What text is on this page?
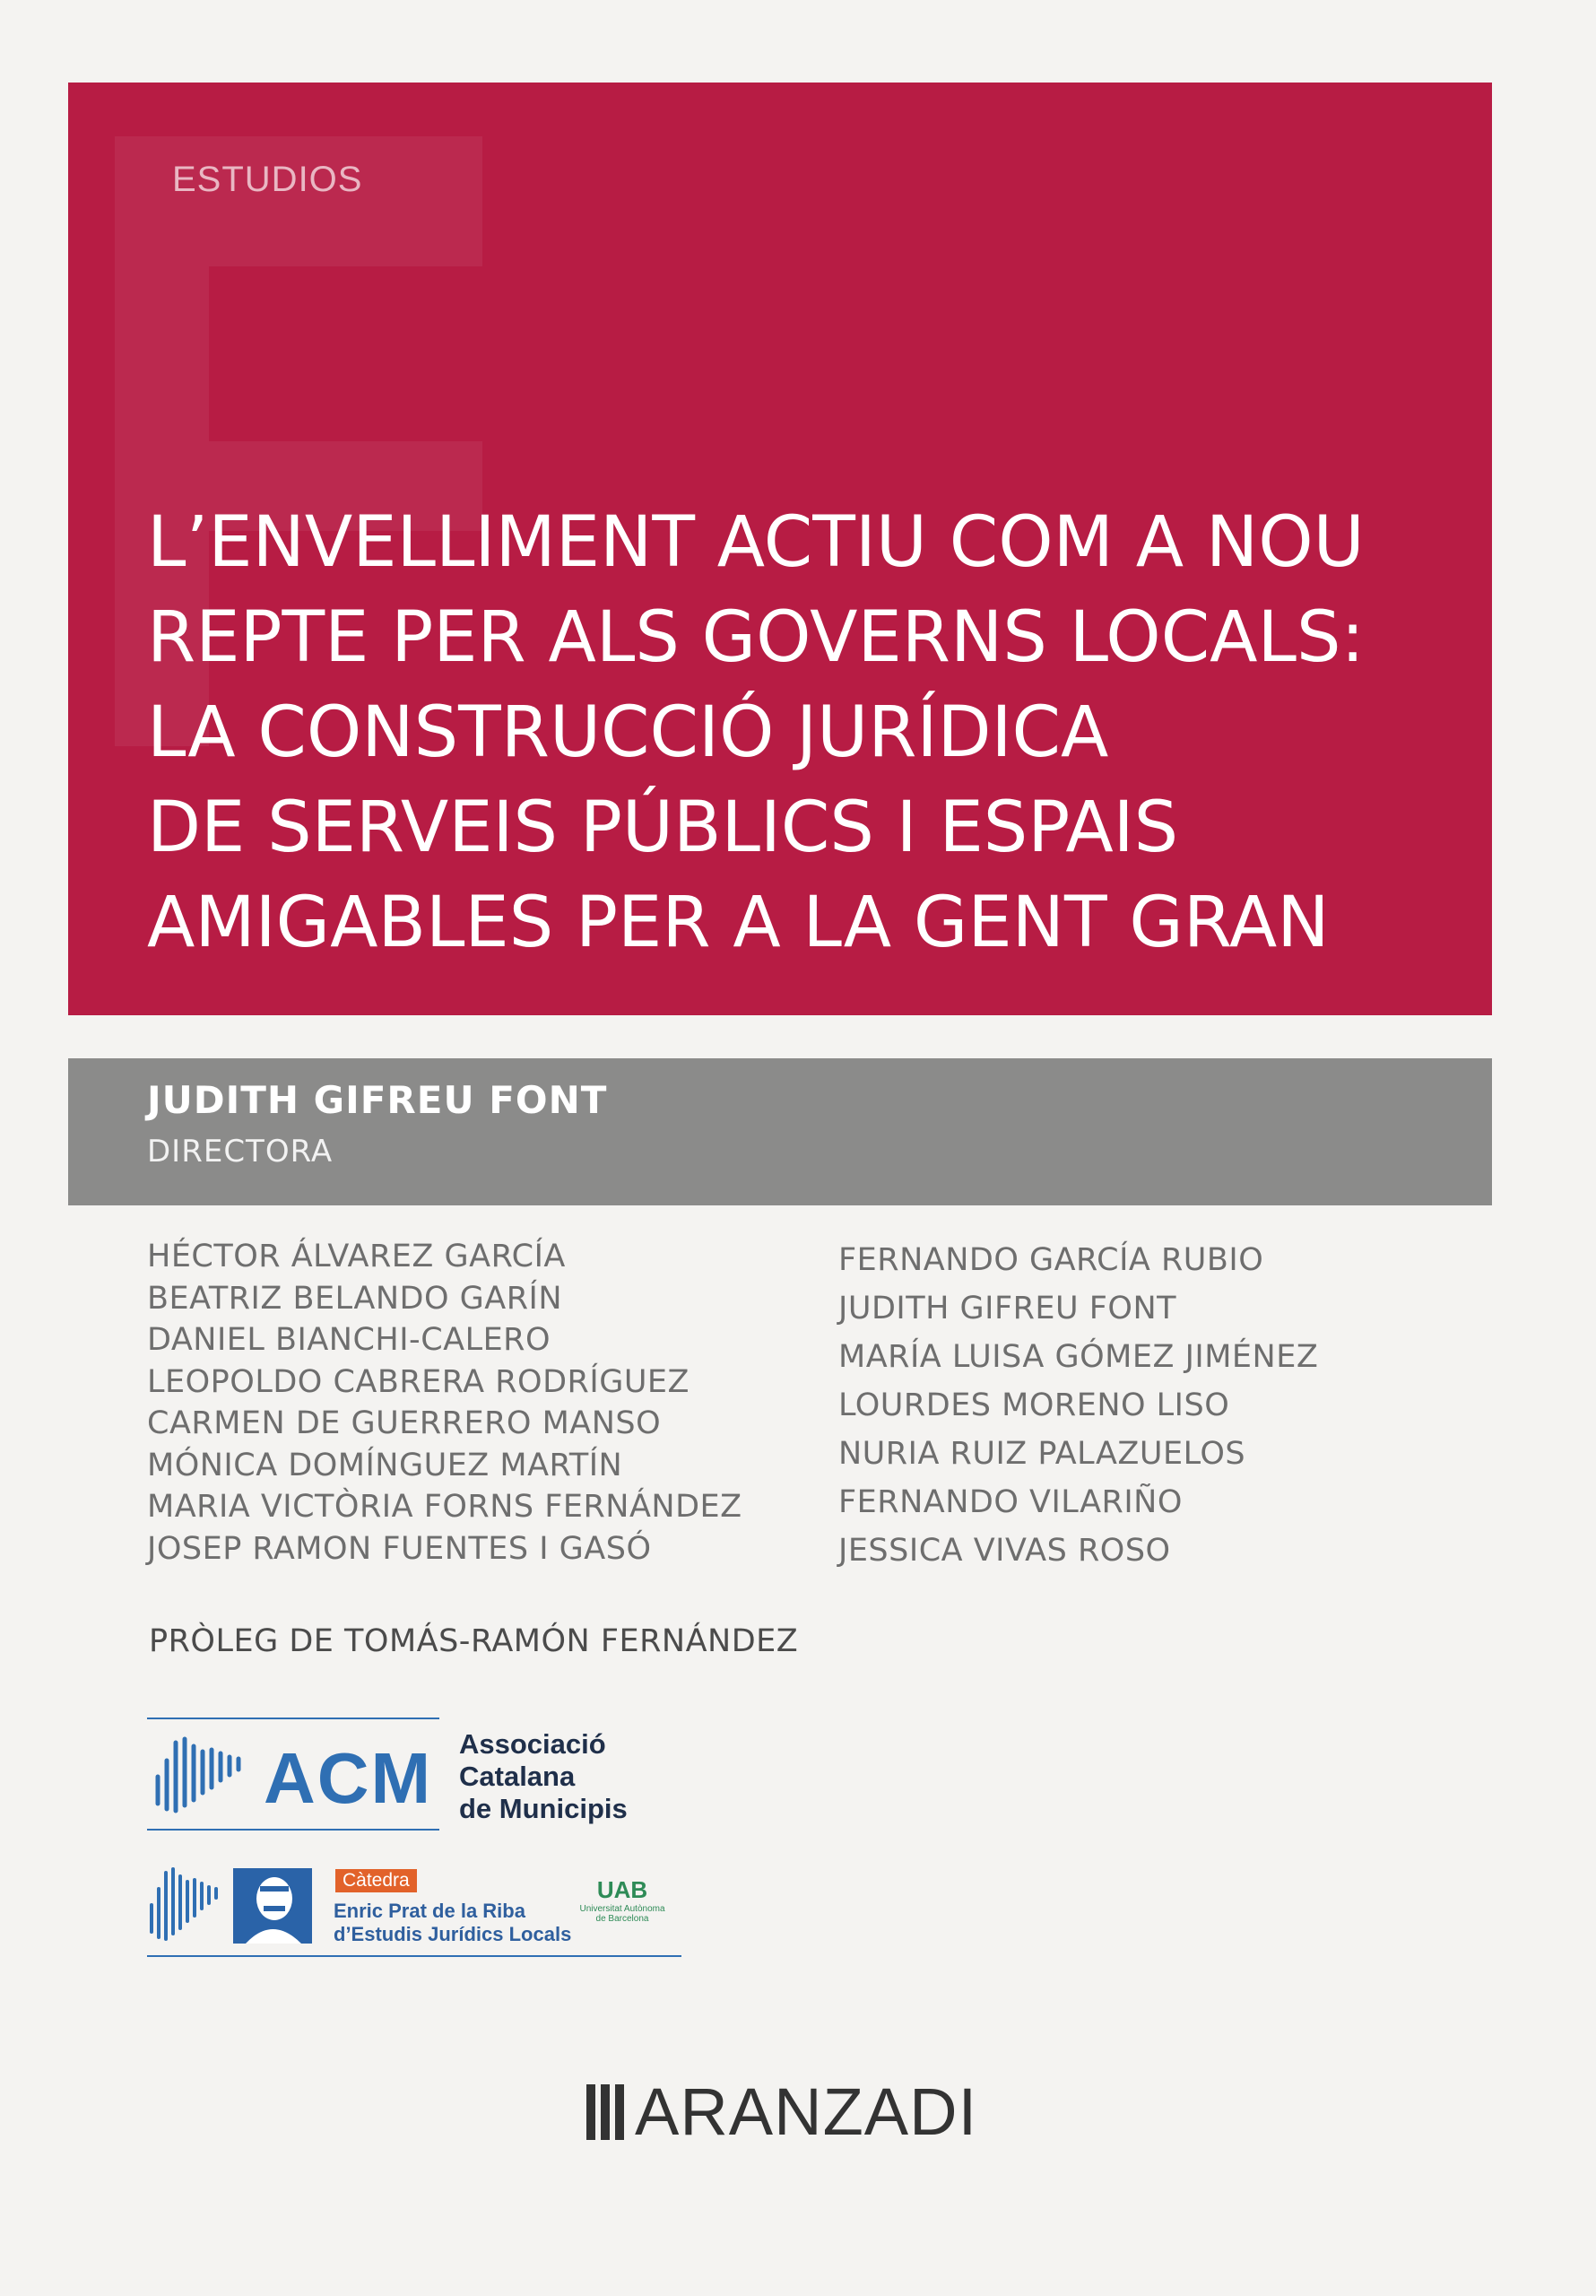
ESTUDIOS
L’ENVELLIMENT ACTIU COM A NOU
REPTE PER ALS GOVERNS LOCALS:
LA CONSTRUCCIÓ JURÍDICA
DE SERVEIS PÚBLICS I ESPAIS
AMIGABLES PER A LA GENT GRAN
JUDITH GIFREU FONT
DIRECTORA
HÉCTOR ÁLVAREZ GARCÍA
BEATRIZ BELANDO GARÍN
DANIEL BIANCHI-CALERO
LEOPOLDO CABRERA RODRÍGUEZ
CARMEN DE GUERRERO MANSO
MÓNICA DOMÍNGUEZ MARTÍN
MARIA VICTÒRIA FORNS FERNÁNDEZ
JOSEP RAMON FUENTES I GASÓ
FERNANDO GARCÍA RUBIO
JUDITH GIFREU FONT
MARÍA LUISA GÓMEZ JIMÉNEZ
LOURDES MORENO LISO
NURIA RUIZ PALAZUELOS
FERNANDO VILARIÑO
JESSICA VIVAS ROSO
PRÒLEG DE TOMÁS-RAMÓN FERNÁNDEZ
ACM Associació
Catalana
de Municipis
Càtedra
Enric Prat de la Riba
d’Estudis Jurídics Locals
UAB
Universitat Autònoma
de Barcelona
ARANZADI
